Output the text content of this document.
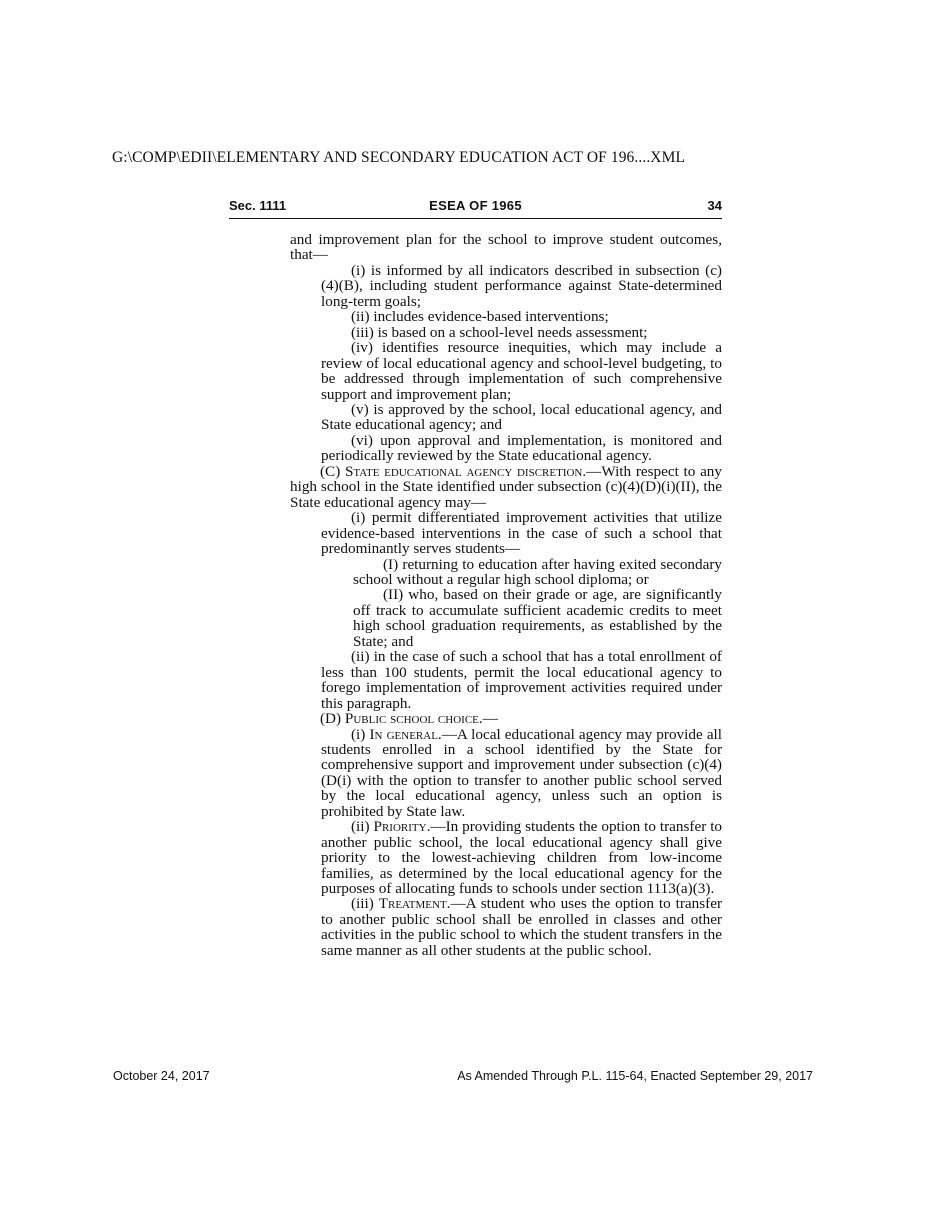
G:\COMP\EDII\ELEMENTARY AND SECONDARY EDUCATION ACT OF 196....XML
Sec. 1111	ESEA OF 1965	34

and improvement plan for the school to improve student outcomes, that—

(i) is informed by all indicators described in subsection (c)(4)(B), including student performance against State-determined long-term goals;

(ii) includes evidence-based interventions;

(iii) is based on a school-level needs assessment;

(iv) identifies resource inequities, which may include a review of local educational agency and school-level budgeting, to be addressed through implementation of such comprehensive support and improvement plan;

(v) is approved by the school, local educational agency, and State educational agency; and

(vi) upon approval and implementation, is monitored and periodically reviewed by the State educational agency.

(C) State educational agency discretion.—With respect to any high school in the State identified under subsection (c)(4)(D)(i)(II), the State educational agency may—

(i) permit differentiated improvement activities that utilize evidence-based interventions in the case of such a school that predominantly serves students—

(I) returning to education after having exited secondary school without a regular high school diploma; or

(II) who, based on their grade or age, are significantly off track to accumulate sufficient academic credits to meet high school graduation requirements, as established by the State; and

(ii) in the case of such a school that has a total enrollment of less than 100 students, permit the local educational agency to forego implementation of improvement activities required under this paragraph.

(D) Public school choice.—

(i) In general.—A local educational agency may provide all students enrolled in a school identified by the State for comprehensive support and improvement under subsection (c)(4)(D(i) with the option to transfer to another public school served by the local educational agency, unless such an option is prohibited by State law.

(ii) Priority.—In providing students the option to transfer to another public school, the local educational agency shall give priority to the lowest-achieving children from low-income families, as determined by the local educational agency for the purposes of allocating funds to schools under section 1113(a)(3).

(iii) Treatment.—A student who uses the option to transfer to another public school shall be enrolled in classes and other activities in the public school to which the student transfers in the same manner as all other students at the public school.

October 24, 2017	As Amended Through P.L. 115-64, Enacted September 29, 2017
